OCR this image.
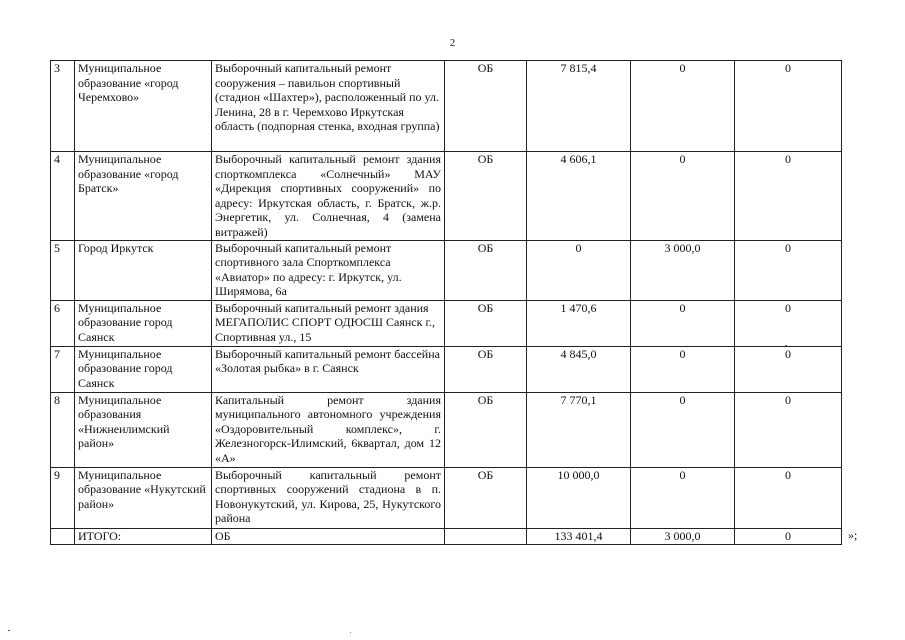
2
3	Муниципальное образование «город Черемхово»	Выборочный капитальный ремонт сооружения – павильон спортивный (стадион «Шахтер»), расположенный по ул. Ленина, 28 в г. Черемхово Иркутская область (подпорная стенка, входная группа)	ОБ	7 815,4	0	0
4	Муниципальное образование «город Братск»	Выборочный капитальный ремонт здания спорткомплекса «Солнечный» МАУ «Дирекция спортивных сооружений» по адресу: Иркутская область, г. Братск, ж.р. Энергетик, ул. Солнечная, 4 (замена витражей)	ОБ	4 606,1	0	0
5	Город Иркутск	Выборочный капитальный ремонт спортивного зала Спорткомплекса «Авиатор» по адресу: г. Иркутск, ул. Ширямова, 6а	ОБ	0	3 000,0	0
6	Муниципальное образование город Саянск	Выборочный капитальный ремонт здания МЕГАПОЛИС СПОРТ ОДЮСШ Саянск г., Спортивная ул., 15	ОБ	1 470,6	0	0
7	Муниципальное образование город Саянск	Выборочный капитальный ремонт бассейна «Золотая рыбка» в г. Саянск	ОБ	4 845,0	0	0
8	Муниципальное образования «Нижнеилимский район»	Капитальный ремонт здания муниципального автономного учреждения «Оздоровительный комплекс», г. Железногорск-Илимский, 6квартал, дом 12 «А»	ОБ	7 770,1	0	0
9	Муниципальное образование «Нукутский район»	Выборочный капитальный ремонт спортивных сооружений стадиона в п. Новонукутский, ул. Кирова, 25, Нукутского района	ОБ	10 000,0	0	0
	ИТОГО:	ОБ		133 401,4	3 000,0	0	»;
